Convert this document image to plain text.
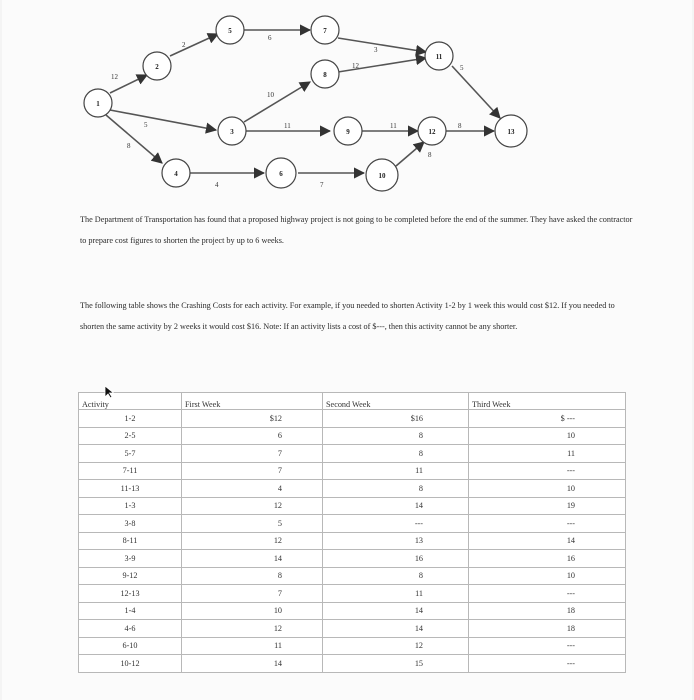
12
2
6
3
5
5
10
12
11	11	8
8
4	7
8
1
2
3
4
5
6
7
8
9
10
11
12	13

The Department of Transportation has found that a proposed highway project is not going to be completed before the end of the summer. They have asked the contractor to prepare cost figures to shorten the project by up to 6 weeks.

The following table shows the Crashing Costs for each activity. For example, if you needed to shorten Activity 1-2 by 1 week this would cost $12. If you needed to shorten the same activity by 2 weeks it would cost $16. Note: If an activity lists a cost of $---, then this activity cannot be any shorter.

Activity	First Week	Second Week	Third Week
1-2	$12	$16	$ ---
2-5	6	8	10
5-7	7	8	11
7-11	7	11	---
11-13	4	8	10
1-3	12	14	19
3-8	5	---	---
8-11	12	13	14
3-9	14	16	16
9-12	8	8	10
12-13	7	11	---
1-4	10	14	18
4-6	12	14	18
6-10	11	12	---
10-12	14	15	---
